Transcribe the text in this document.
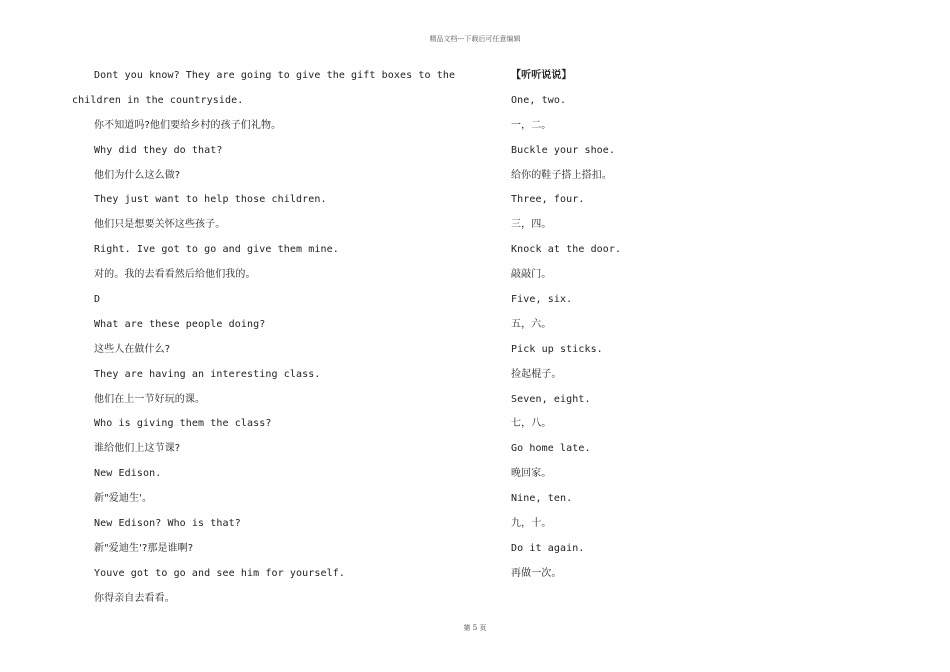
精品文档---下载后可任意编辑
Dont you know? They are going to give the gift boxes to the
children in the countryside.
你不知道吗?他们要给乡村的孩子们礼物。
Why did they do that?
他们为什么这么做?
They just want to help those children.
他们只是想要关怀这些孩子。
Right. Ive got to go and give them mine.
对的。我的去看看然后给他们我的。
D
What are these people doing?
这些人在做什么?
They are having an interesting class.
他们在上一节好玩的课。
Who is giving them the class?
谁给他们上这节课?
New Edison.
新"爱迪生'。
New Edison? Who is that?
新"爱迪生'?那是谁啊?
Youve got to go and see him for yourself.
你得亲自去看看。
【听听说说】
One, two.
一，二。
Buckle your shoe.
给你的鞋子搭上搭扣。
Three, four.
三，四。
Knock at the door.
敲敲门。
Five, six.
五，六。
Pick up sticks.
捡起棍子。
Seven, eight.
七，八。
Go home late.
晚回家。
Nine, ten.
九，十。
Do it again.
再做一次。
第 5 页
